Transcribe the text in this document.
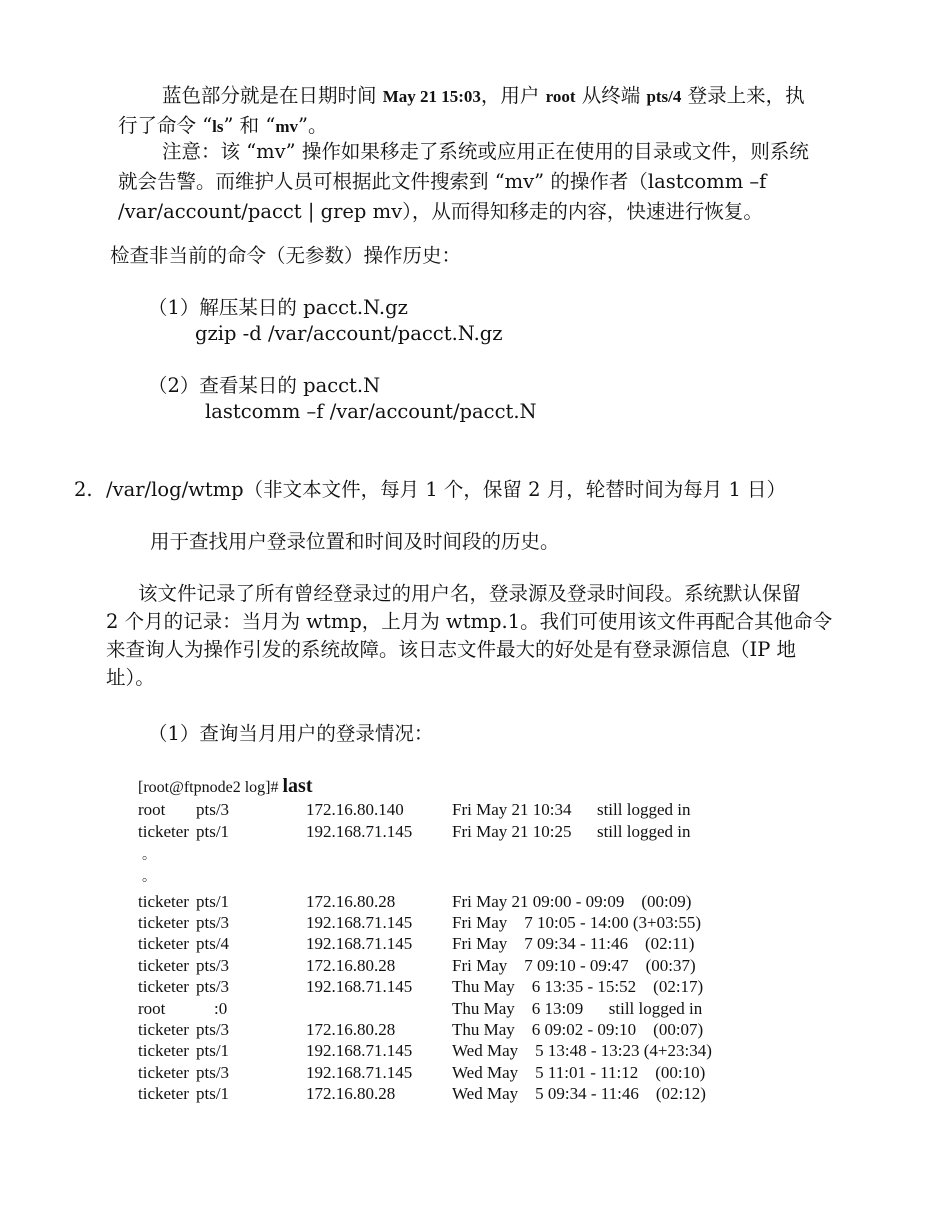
蓝色部分就是在日期时间 May 21 15:03，用户 root 从终端 pts/4 登录上来，执

行了命令 “ls” 和 “mv”。

注意：该 “mv” 操作如果移走了系统或应用正在使用的目录或文件，则系统

就会告警。而维护人员可根据此文件搜索到 “mv” 的操作者（lastcomm –f

/var/account/pacct | grep mv），从而得知移走的内容，快速进行恢复。

检查非当前的命令（无参数）操作历史：

（1）解压某日的 pacct.N.gz

gzip -d /var/account/pacct.N.gz

（2）查看某日的 pacct.N

lastcomm –f /var/account/pacct.N

2. /var/log/wtmp（非文本文件，每月 1 个，保留 2 月，轮替时间为每月 1 日）

用于查找用户登录位置和时间及时间段的历史。

该文件记录了所有曾经登录过的用户名，登录源及登录时间段。系统默认保留

2 个月的记录：当月为 wtmp，上月为 wtmp.1。我们可使用该文件再配合其他命令

来查询人为操作引发的系统故障。该日志文件最大的好处是有登录源信息（IP 地

址）。

（1）查询当月用户的登录情况：

[root@ftpnode2 log]# last
root pts/3	172.16.80.140	Fri May 21 10:34      still logged in
ticketer pts/1	192.168.71.145 Fri May 21 10:25      still logged in
。
。
ticketer pts/1	172.16.80.28	Fri May 21 09:00 - 09:09    (00:09)
ticketer pts/3	192.168.71.145 Fri May    7 10:05 - 14:00 (3+03:55)
ticketer pts/4	192.168.71.145 Fri May    7 09:34 - 11:46    (02:11)
ticketer pts/3	172.16.80.28	Fri May    7 09:10 - 09:47    (00:37)
ticketer pts/3	192.168.71.145 Thu May    6 13:35 - 15:52    (02:17)
root	:0	Thu May    6 13:09      still logged in
ticketer pts/3	172.16.80.28	Thu May    6 09:02 - 09:10    (00:07)
ticketer pts/1	192.168.71.145 Wed May    5 13:48 - 13:23 (4+23:34)
ticketer pts/3	192.168.71.145 Wed May    5 11:01 - 11:12    (00:10)
ticketer pts/1	172.16.80.28	Wed May    5 09:34 - 11:46    (02:12)
